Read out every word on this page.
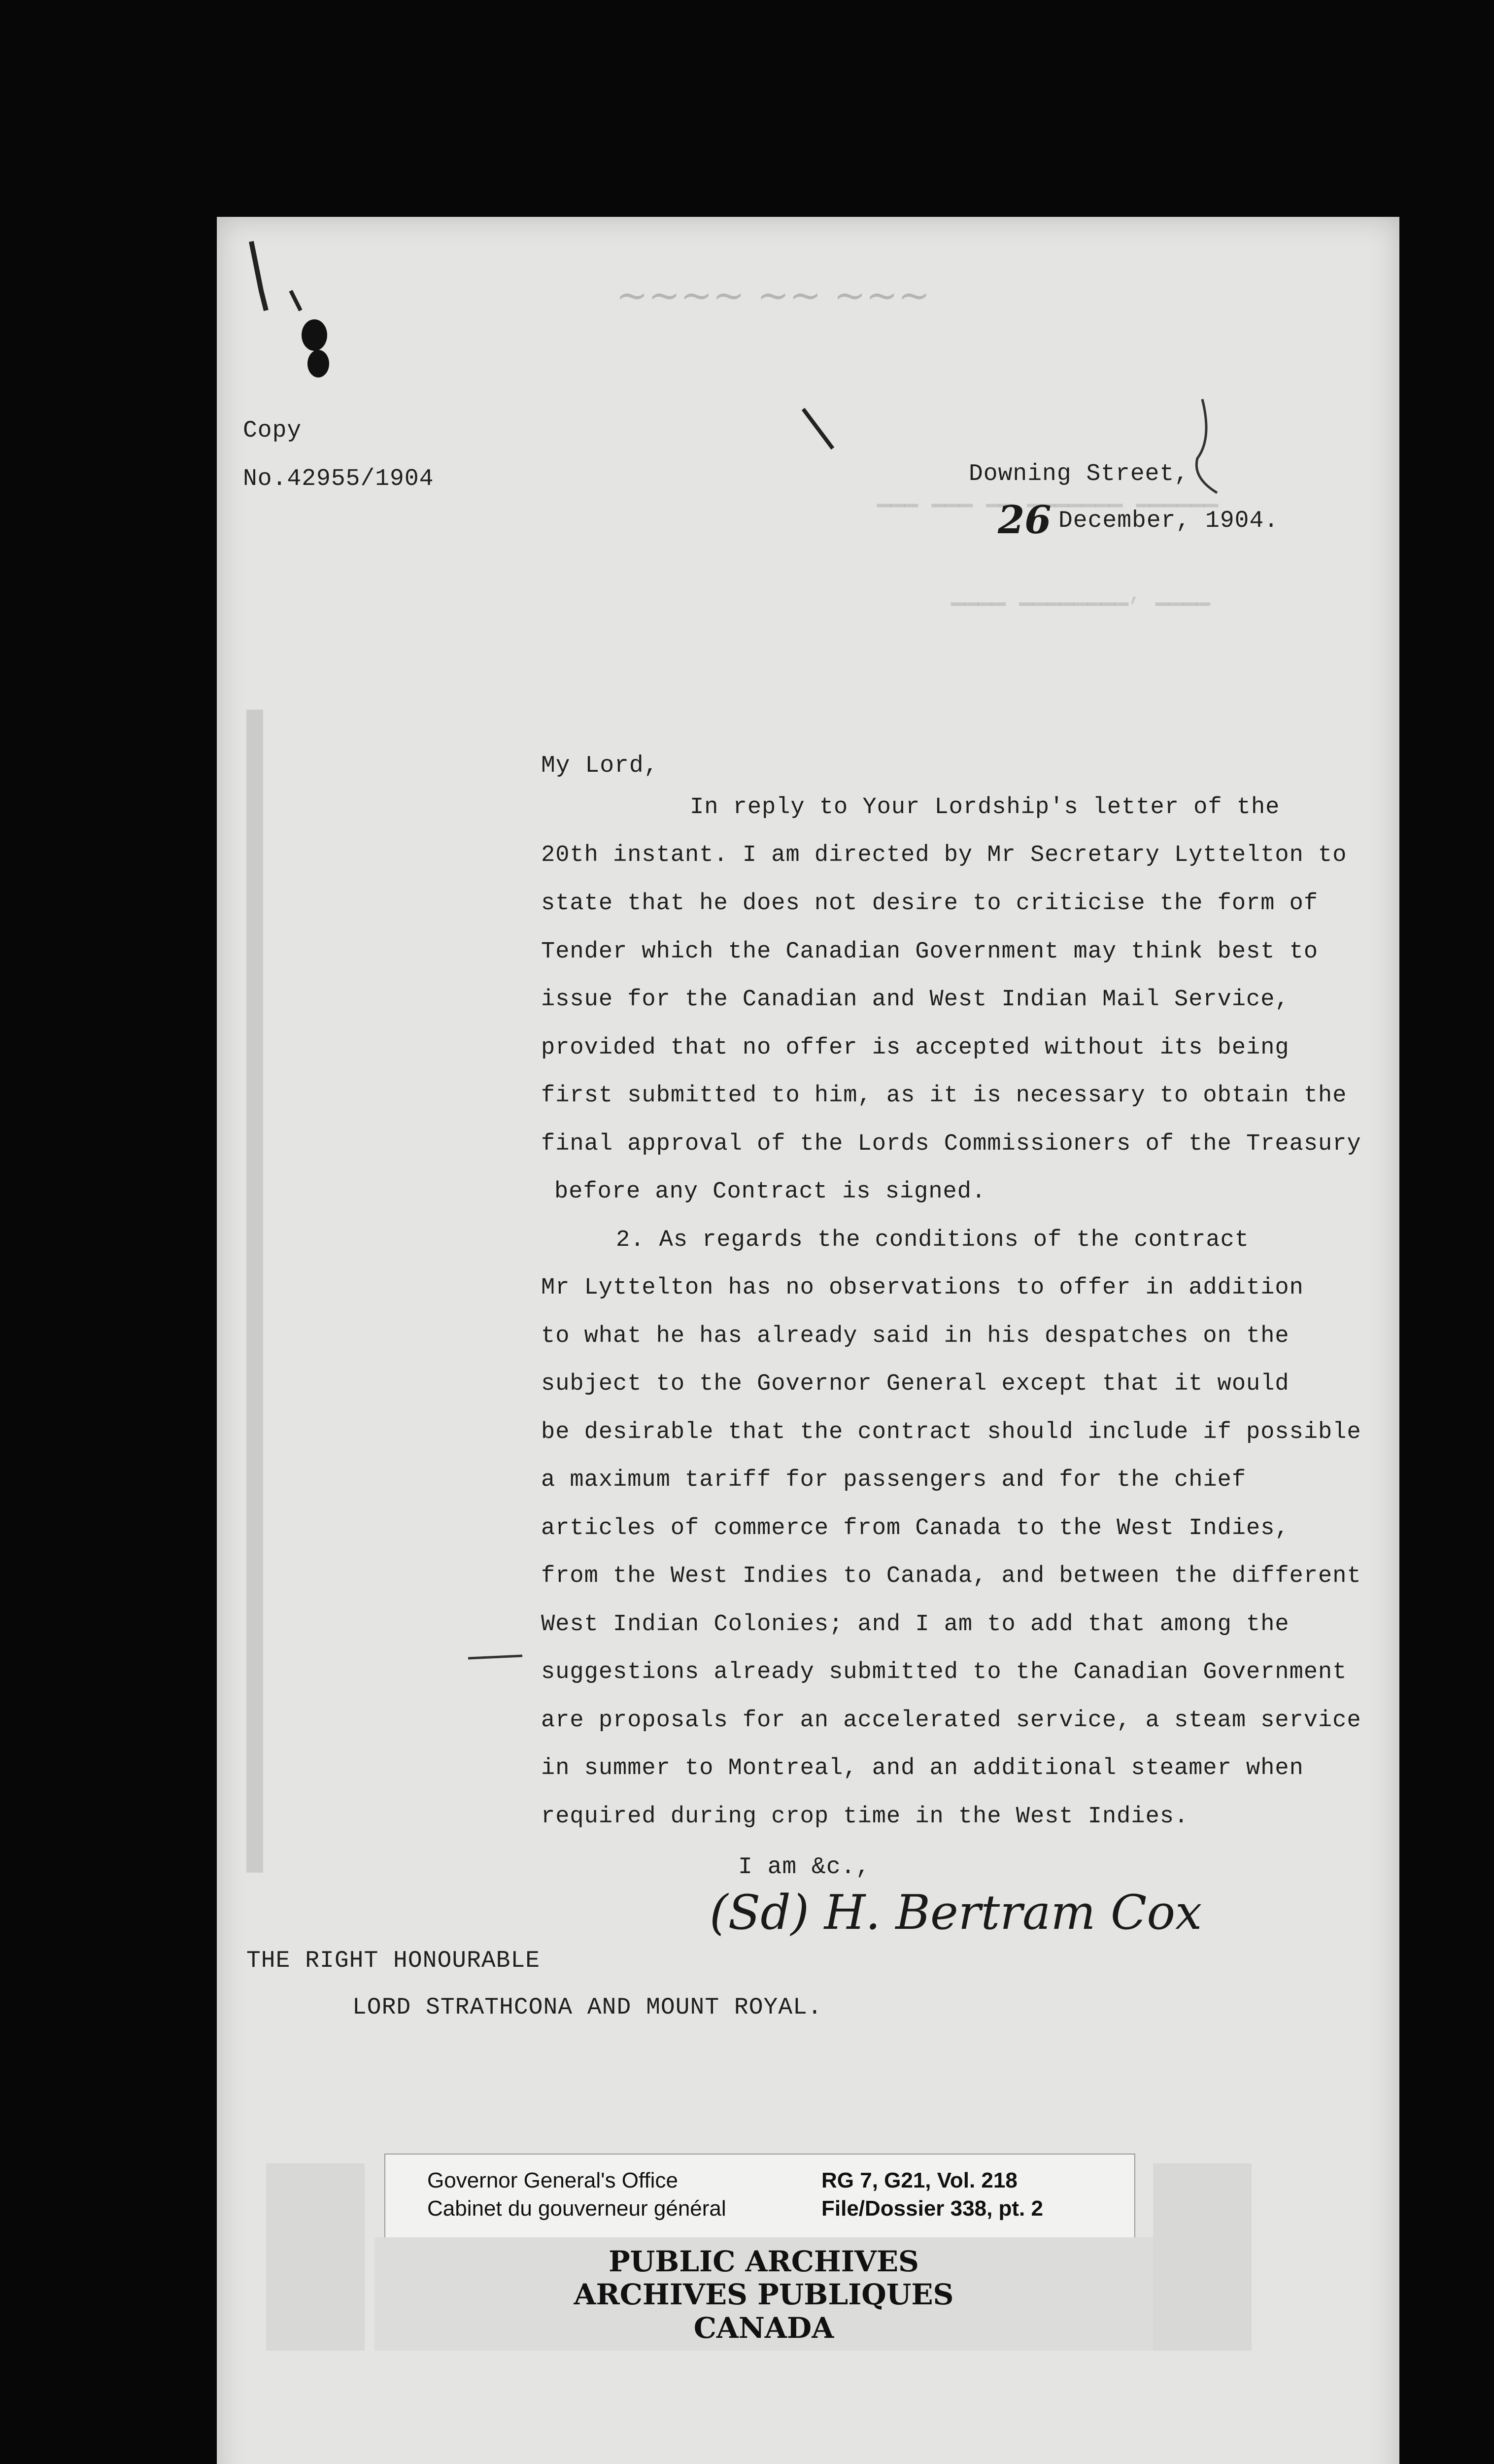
▁▁▁ ▁▁▁ ▁▁ ▁▁▁▁▁▁▁ ▁▁▁▁▁▁
▁▁▁▁ ▁▁▁▁▁▁▁▁, ▁▁▁▁
~~~~ ~~ ~~~
Copy
No.42955/1904	Downing Street,
26 December, 1904.
My Lord,
In reply to Your Lordship's letter of the
20th instant. I am directed by Mr Secretary Lyttelton to
state that he does not desire to criticise the form of
Tender which the Canadian Government may think best to
issue for the Canadian and West Indian Mail Service,
provided that no offer is accepted without its being
first submitted to him, as it is necessary to obtain the
final approval of the Lords Commissioners of the Treasury
before any Contract is signed.
2. As regards the conditions of the contract
Mr Lyttelton has no observations to offer in addition
to what he has already said in his despatches on the
subject to the Governor General except that it would
be desirable that the contract should include if possible
a maximum tariff for passengers and for the chief
articles of commerce from Canada to the West Indies,
from the West Indies to Canada, and between the different
West Indian Colonies; and I am to add that among the
suggestions already submitted to the Canadian Government
are proposals for an accelerated service, a steam service
in summer to Montreal, and an additional steamer when
required during crop time in the West Indies.
I am &c.,
(Sd) H. Bertram Cox
THE RIGHT HONOURABLE
LORD STRATHCONA AND MOUNT ROYAL.
Governor General's Office
Cabinet du gouverneur général
RG 7, G21, Vol. 218
File/Dossier 338, pt. 2
PUBLIC ARCHIVES
ARCHIVES PUBLIQUES
CANADA
